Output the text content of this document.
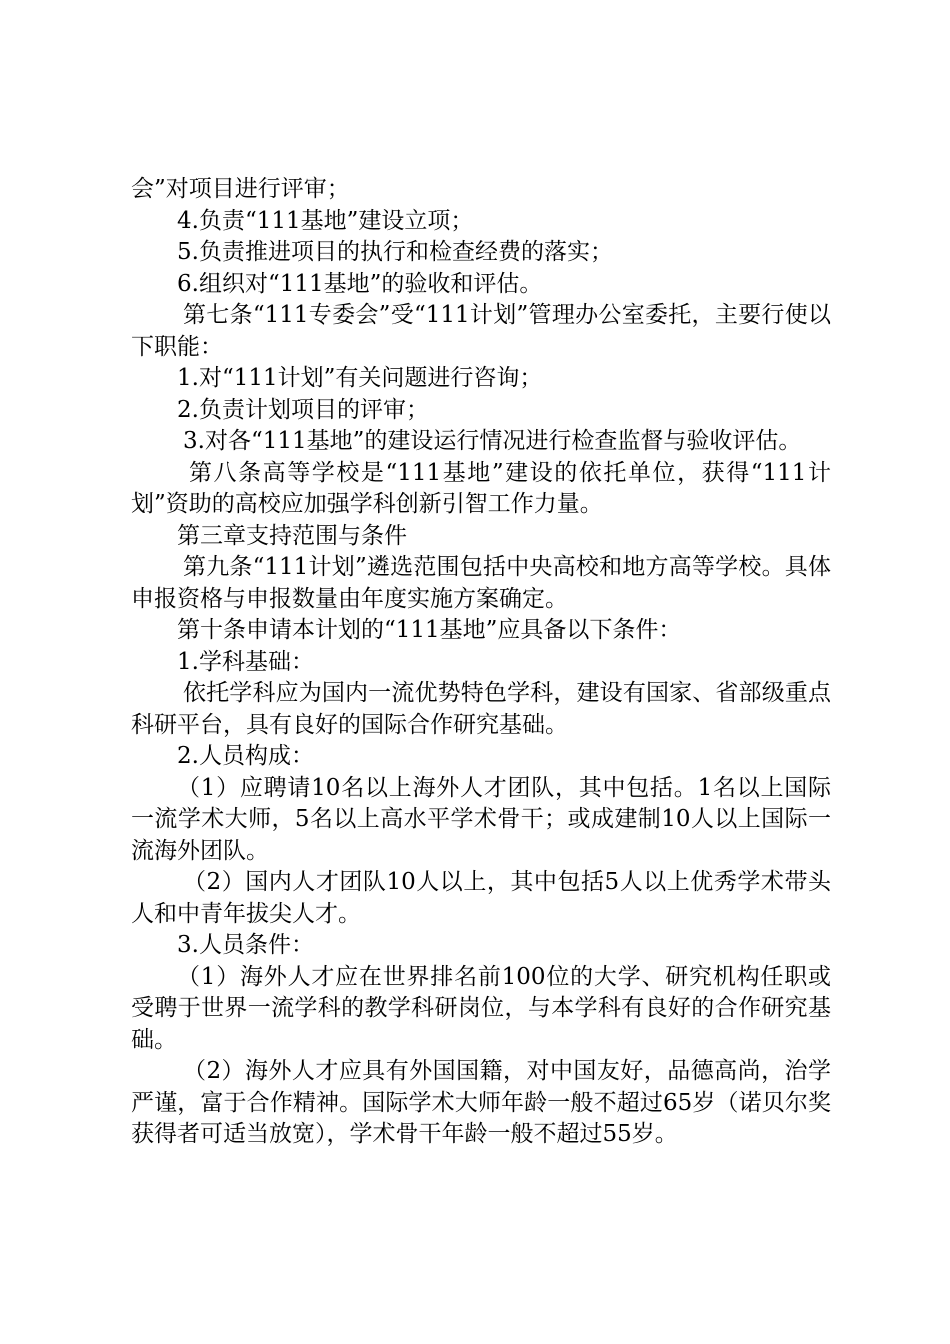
会”对项目进行评审；

4.负责“111基地”建设立项；

5.负责推进项目的执行和检查经费的落实；

6.组织对“111基地”的验收和评估。

第七条“111专委会”受“111计划”管理办公室委托，主要行使以下职能：

1.对“111计划”有关问题进行咨询；

2.负责计划项目的评审；

3.对各“111基地”的建设运行情况进行检查监督与验收评估。

第八条高等学校是“111基地”建设的依托单位，获得“111计划”资助的高校应加强学科创新引智工作力量。

第三章支持范围与条件

第九条“111计划”遴选范围包括中央高校和地方高等学校。具体申报资格与申报数量由年度实施方案确定。

第十条申请本计划的“111基地”应具备以下条件：

1.学科基础：

依托学科应为国内一流优势特色学科，建设有国家、省部级重点科研平台，具有良好的国际合作研究基础。

2.人员构成：

（1）应聘请10名以上海外人才团队，其中包括。1名以上国际一流学术大师，5名以上高水平学术骨干；或成建制10人以上国际一流海外团队。

（2）国内人才团队10人以上，其中包括5人以上优秀学术带头人和中青年拔尖人才。

3.人员条件：

（1）海外人才应在世界排名前100位的大学、研究机构任职或受聘于世界一流学科的教学科研岗位，与本学科有良好的合作研究基础。

（2）海外人才应具有外国国籍，对中国友好，品德高尚，治学严谨，富于合作精神。国际学术大师年龄一般不超过65岁（诺贝尔奖获得者可适当放宽），学术骨干年龄一般不超过55岁。
